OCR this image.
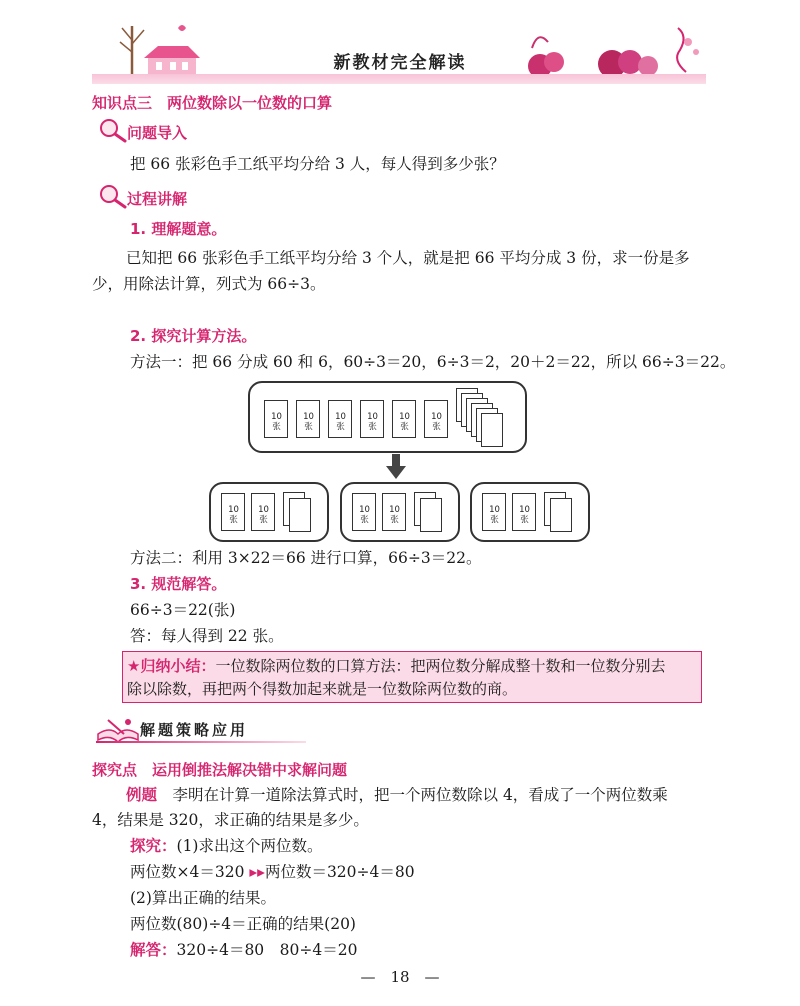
新教材完全解读
知识点三　两位数除以一位数的口算
问题导入
把 66 张彩色手工纸平均分给 3 人，每人得到多少张？
过程讲解
1. 理解题意。
已知把 66 张彩色手工纸平均分给 3 个人，就是把 66 平均分成 3 份，求一份是多
少，用除法计算，列式为 66÷3。
2. 探究计算方法。
方法一：把 66 分成 60 和 6，60÷3＝20，6÷3＝2，20＋2＝22，所以 66÷3＝22。
10张
10张
10张
10张
10张
10张
10张
10张
10张
10张
10张
10张
方法二：利用 3×22＝66 进行口算，66÷3＝22。
3. 规范解答。
66÷3＝22(张)
答：每人得到 22 张。
★归纳小结：一位数除两位数的口算方法：把两位数分解成整十数和一位数分别去
除以除数，再把两个得数加起来就是一位数除两位数的商。
解题策略应用
探究点　运用倒推法解决错中求解问题
例题　李明在计算一道除法算式时，把一个两位数除以 4，看成了一个两位数乘
4，结果是 320，求正确的结果是多少。
探究：(1)求出这个两位数。
两位数×4＝320 ▸▸两位数＝320÷4＝80
(2)算出正确的结果。
两位数(80)÷4＝正确的结果(20)
解答：320÷4＝80　80÷4＝20
—　18　—
